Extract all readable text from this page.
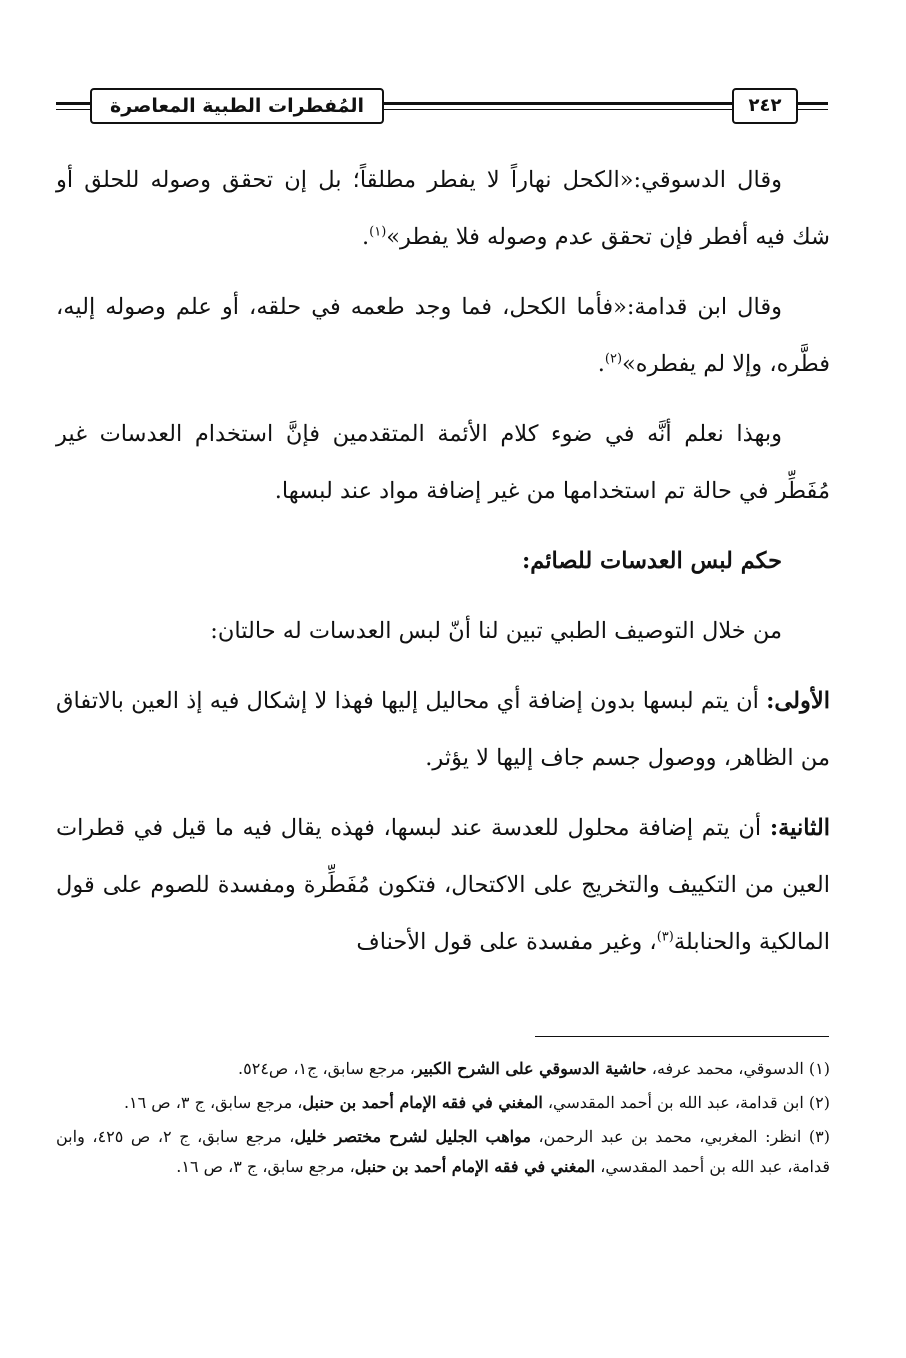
المُفطرات الطبية المعاصرة	٢٤٢

وقال الدسوقي:«الكحل نهاراً لا يفطر مطلقاً؛ بل إن تحقق وصوله للحلق أو شك فيه أفطر فإن تحقق عدم وصوله فلا يفطر»$^{(١)}$.

وقال ابن قدامة:«فأما الكحل، فما وجد طعمه في حلقه، أو علم وصوله إليه، فطَّره، وإلا لم يفطره»$^{(٢)}$.

وبهذا نعلم أنَّه في ضوء كلام الأئمة المتقدمين فإنَّ استخدام العدسات غير مُفَطِّر في حالة تم استخدامها من غير إضافة مواد عند لبسها.

حكم لبس العدسات للصائم:

من خلال التوصيف الطبي تبين لنا أنّ لبس العدسات له حالتان:

الأولى: أن يتم لبسها بدون إضافة أي محاليل إليها فهذا لا إشكال فيه إذ العين بالاتفاق من الظاهر، ووصول جسم جاف إليها لا يؤثر.

الثانية: أن يتم إضافة محلول للعدسة عند لبسها، فهذه يقال فيه ما قيل في قطرات العين من التكييف والتخريج على الاكتحال، فتكون مُفَطِّرة ومفسدة للصوم على قول المالكية والحنابلة$^{(٣)}$، وغير مفسدة على قول الأحناف

(١) الدسوقي، محمد عرفه، حاشية الدسوقي على الشرح الكبير، مرجع سابق، ج١، ص٥٢٤.

(٢) ابن قدامة، عبد الله بن أحمد المقدسي، المغني في فقه الإمام أحمد بن حنبل، مرجع سابق، ج ٣، ص ١٦.

(٣) انظر: المغربي، محمد بن عبد الرحمن، مواهب الجليل لشرح مختصر خليل، مرجع سابق، ج ٢، ص ٤٢٥، وابن قدامة، عبد الله بن أحمد المقدسي، المغني في فقه الإمام أحمد بن حنبل، مرجع سابق، ج ٣، ص ١٦.
